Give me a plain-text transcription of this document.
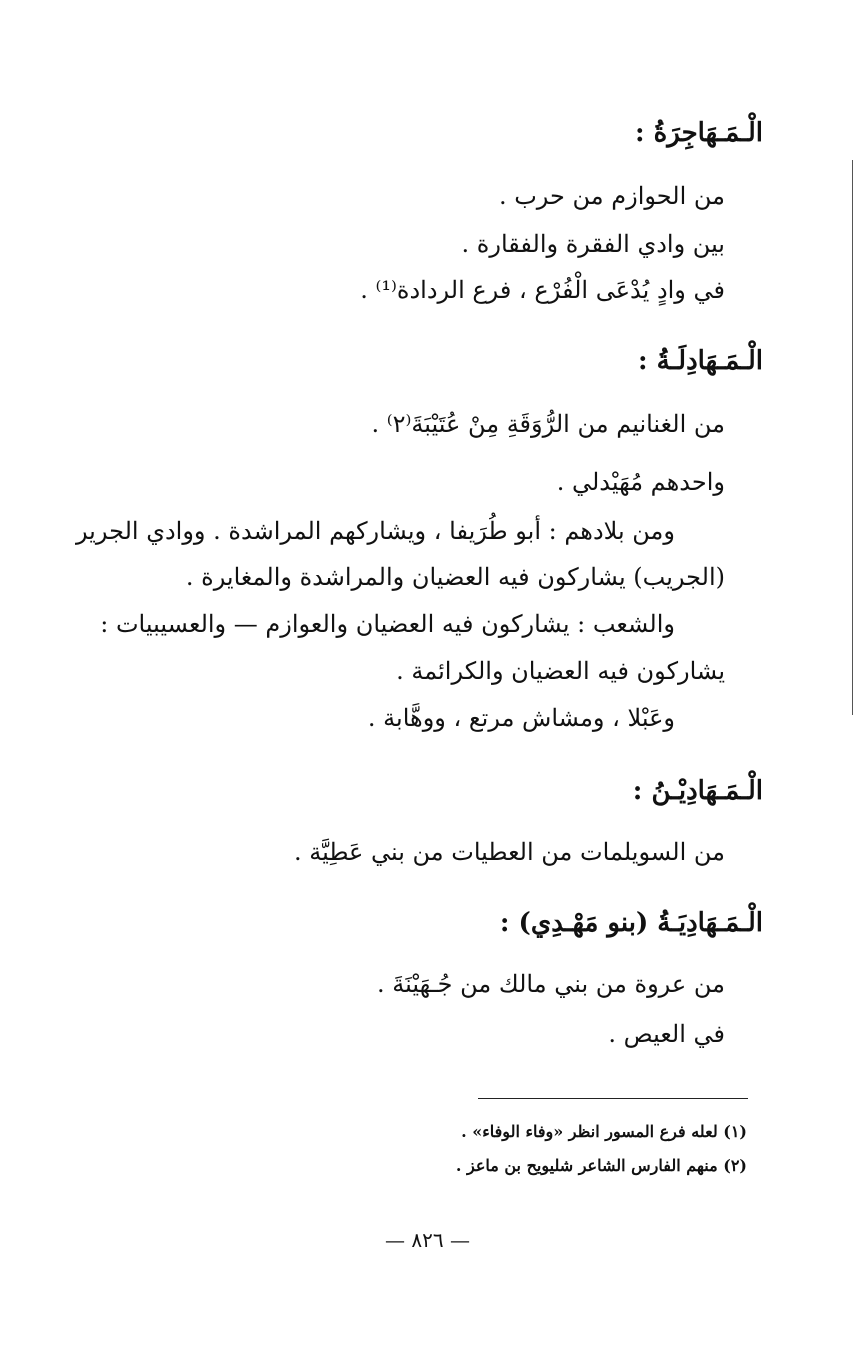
الْـمَـهَاجِرَةُ :
من الحوازم من حرب .
بين وادي الفقرة والفقارة .
في وادٍ يُدْعَى الْفُرْع ، فرع الردادة⁽¹⁾ .
الْـمَـهَادِلَـةُ :
من الغنانيم من الرُّوَقَةِ مِنْ عُتَيْبَةَ⁽٢⁾ .
واحدهم مُهَيْدلي .
ومن بلادهم : أبو طُرَيفا ، ويشاركهم المراشدة . ووادي الجرير
(الجريب) يشاركون فيه العضيان والمراشدة والمغايرة .
والشعب : يشاركون فيه العضيان والعوازم — والعسيبيات :
يشاركون فيه العضيان والكرائمة .
وعَبْلا ، ومشاش مرتع ، ووهَّابة .
الْـمَـهَادِيْـنُ :
من السويلمات من العطيات من بني عَطِيَّة .
الْـمَـهَادِيَـةُ (بنو مَهْـدِي) :
من عروة من بني مالك من جُـهَيْنَةَ .
في العيص .
(١) لعله فرع المسور انظر «وفاء الوفاء» .
(٢) منهم الفارس الشاعر شليويح بن ماعز .
— ٨٢٦ —
